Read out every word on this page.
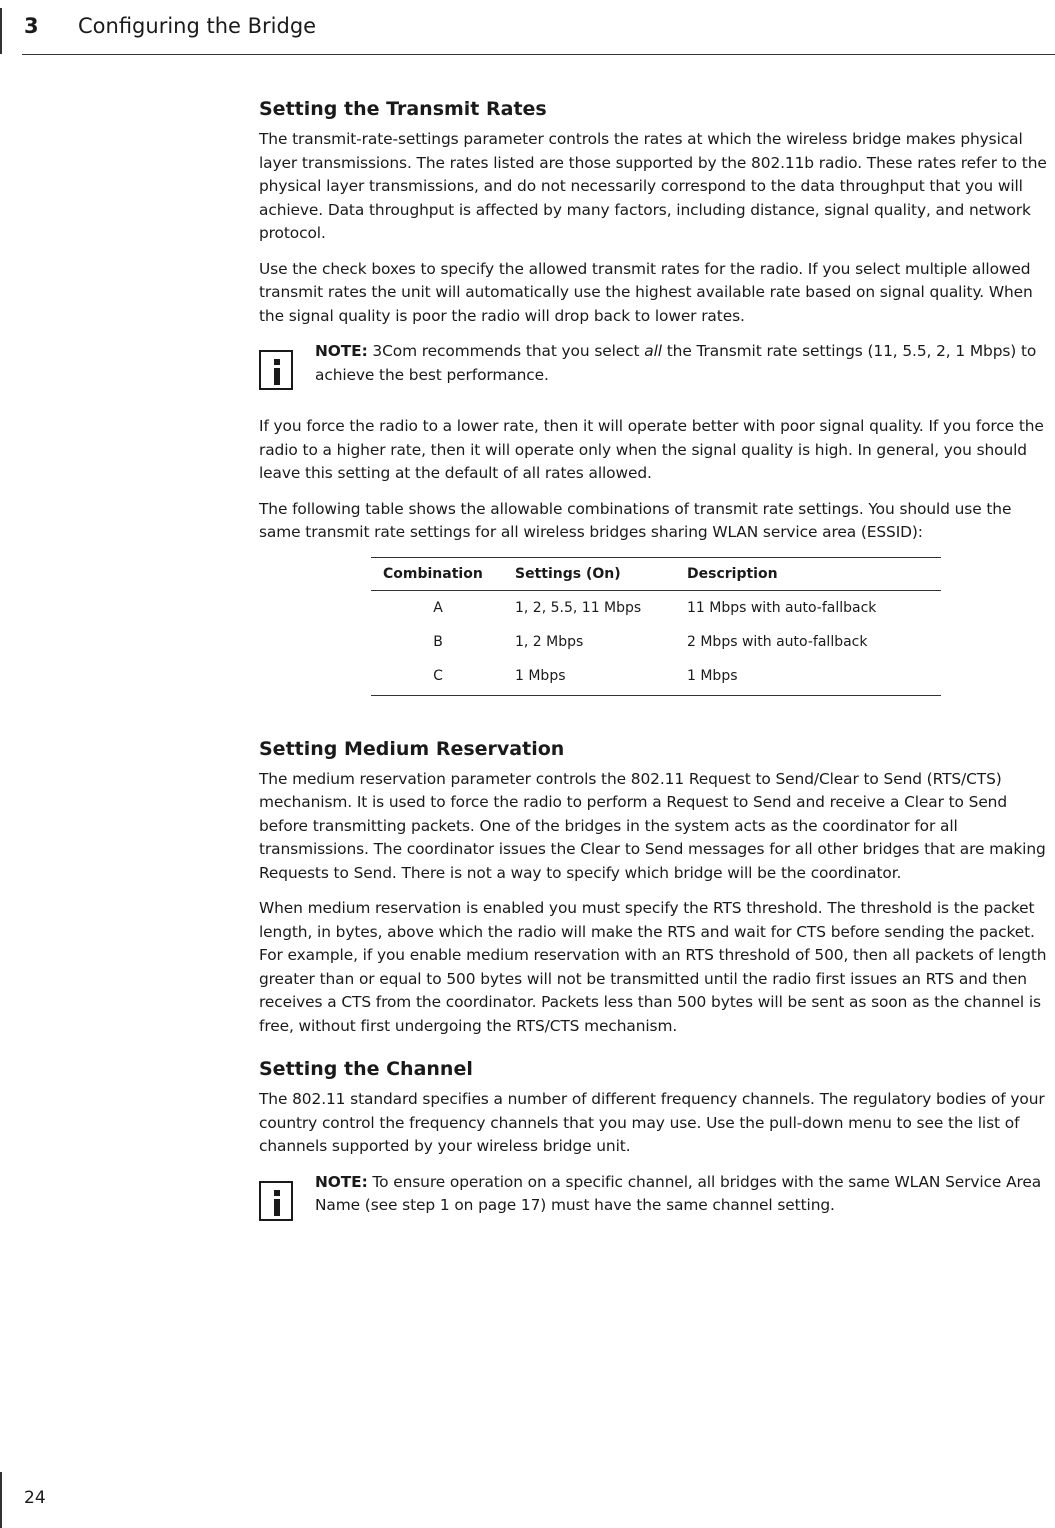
3 Configuring the Bridge
Setting the Transmit Rates

The transmit-rate-settings parameter controls the rates at which the wireless bridge makes physical layer transmissions. The rates listed are those supported by the 802.11b radio. These rates refer to the physical layer transmissions, and do not necessarily correspond to the data throughput that you will achieve. Data throughput is affected by many factors, including distance, signal quality, and network protocol.

Use the check boxes to specify the allowed transmit rates for the radio. If you select multiple allowed transmit rates the unit will automatically use the highest available rate based on signal quality. When the signal quality is poor the radio will drop back to lower rates.

NOTE: 3Com recommends that you select all the Transmit rate settings (11, 5.5, 2, 1 Mbps) to achieve the best performance.

If you force the radio to a lower rate, then it will operate better with poor signal quality. If you force the radio to a higher rate, then it will operate only when the signal quality is high. In general, you should leave this setting at the default of all rates allowed.

The following table shows the allowable combinations of transmit rate settings. You should use the same transmit rate settings for all wireless bridges sharing WLAN service area (ESSID):

Combination	Settings (On)	Description
A	1, 2, 5.5, 11 Mbps	11 Mbps with auto-fallback
B	1, 2 Mbps	2 Mbps with auto-fallback
C	1 Mbps	1 Mbps
Setting Medium Reservation

The medium reservation parameter controls the 802.11 Request to Send/Clear to Send (RTS/CTS) mechanism. It is used to force the radio to perform a Request to Send and receive a Clear to Send before transmitting packets. One of the bridges in the system acts as the coordinator for all transmissions. The coordinator issues the Clear to Send messages for all other bridges that are making Requests to Send. There is not a way to specify which bridge will be the coordinator.

When medium reservation is enabled you must specify the RTS threshold. The threshold is the packet length, in bytes, above which the radio will make the RTS and wait for CTS before sending the packet. For example, if you enable medium reservation with an RTS threshold of 500, then all packets of length greater than or equal to 500 bytes will not be transmitted until the radio first issues an RTS and then receives a CTS from the coordinator. Packets less than 500 bytes will be sent as soon as the channel is free, without first undergoing the RTS/CTS mechanism.

Setting the Channel

The 802.11 standard specifies a number of different frequency channels. The regulatory bodies of your country control the frequency channels that you may use. Use the pull-down menu to see the list of channels supported by your wireless bridge unit.

NOTE: To ensure operation on a specific channel, all bridges with the same WLAN Service Area Name (see step 1 on page 17) must have the same channel setting.

24
